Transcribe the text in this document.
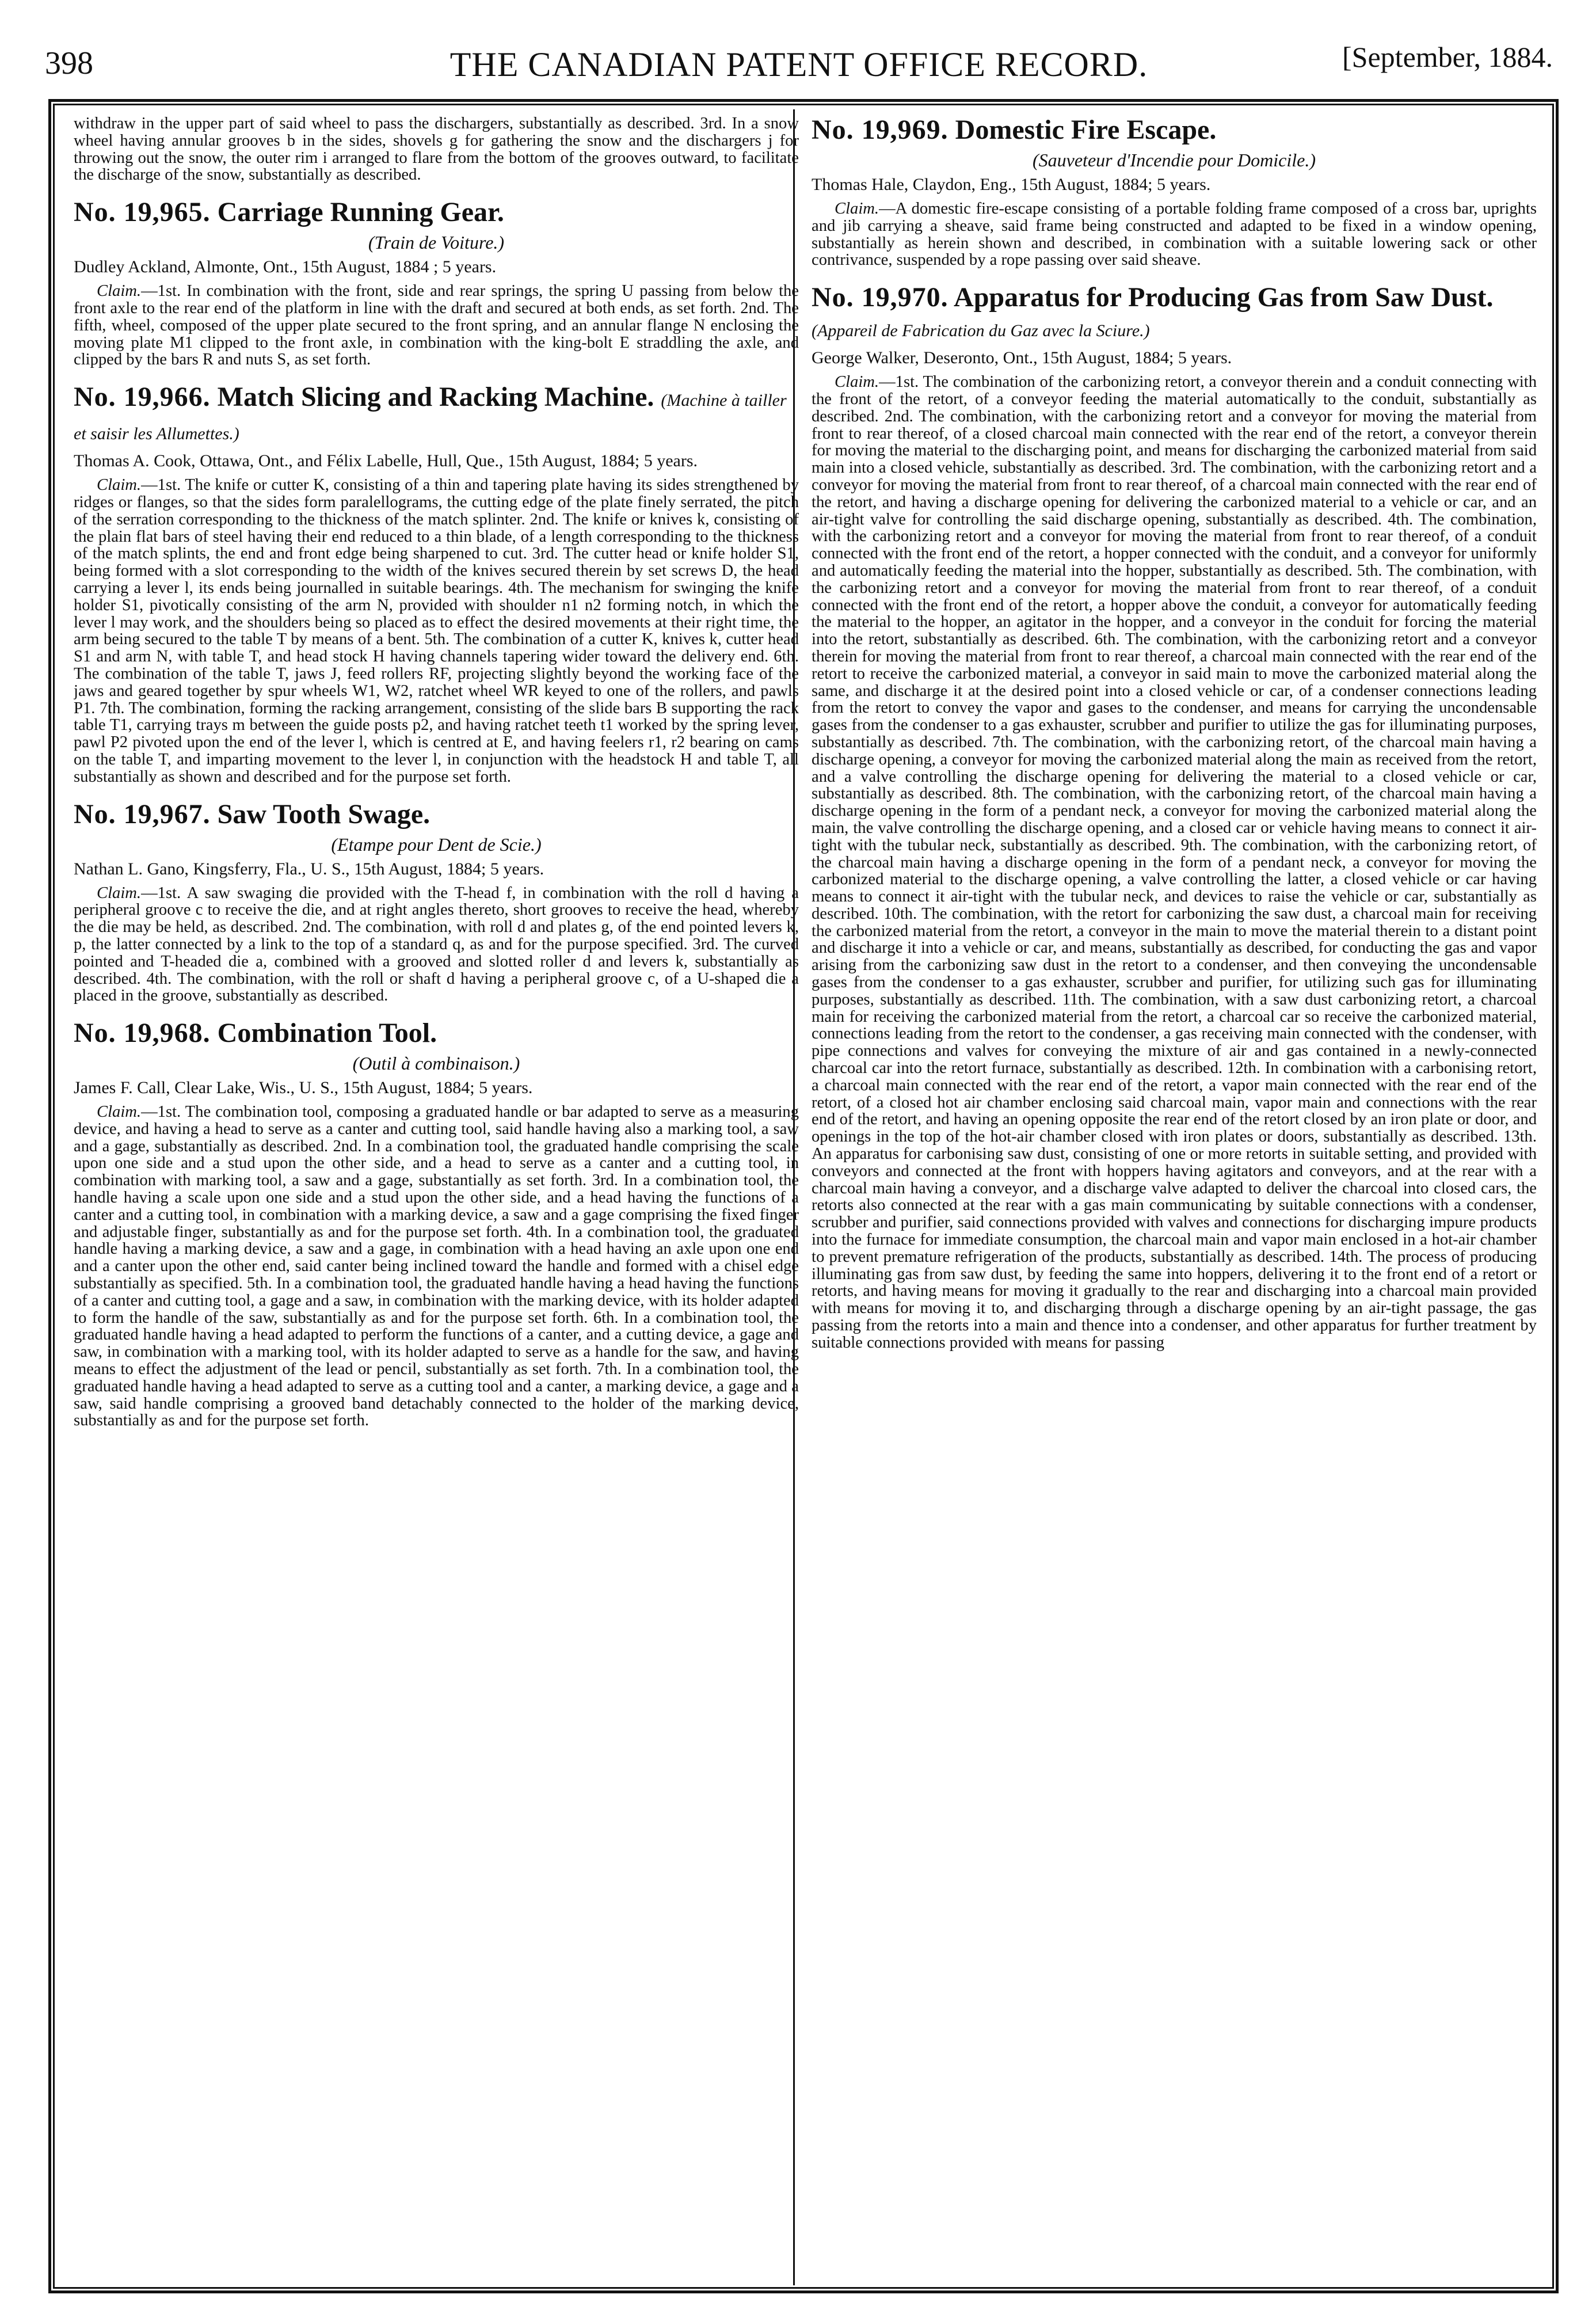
398	THE CANADIAN PATENT OFFICE RECORD.	[September, 1884.

withdraw in the upper part of said wheel to pass the dischargers, substantially as described. 3rd. In a snow wheel having annular grooves b in the sides, shovels g for gathering the snow and the dischargers j for throwing out the snow, the outer rim i arranged to flare from the bottom of the grooves outward, to facilitate the discharge of the snow, substantially as described.

No. 19,965. Carriage Running Gear.
(Train de Voiture.)

Dudley Ackland, Almonte, Ont., 15th August, 1884 ; 5 years.

Claim.—1st. In combination with the front, side and rear springs, the spring U passing from below the front axle to the rear end of the platform in line with the draft and secured at both ends, as set forth. 2nd. The fifth, wheel, composed of the upper plate secured to the front spring, and an annular flange N enclosing the moving plate M1 clipped to the front axle, in combination with the king-bolt E straddling the axle, and clipped by the bars R and nuts S, as set forth.

No. 19,966. Match Slicing and Racking Machine. (Machine à tailler et saisir les Allumettes.)

Thomas A. Cook, Ottawa, Ont., and Félix Labelle, Hull, Que., 15th August, 1884; 5 years.

Claim.—1st. The knife or cutter K, consisting of a thin and tapering plate having its sides strengthened by ridges or flanges, so that the sides form paralellograms, the cutting edge of the plate finely serrated, the pitch of the serration corresponding to the thickness of the match splinter. 2nd. The knife or knives k, consisting of the plain flat bars of steel having their end reduced to a thin blade, of a length corresponding to the thickness of the match splints, the end and front edge being sharpened to cut. 3rd. The cutter head or knife holder S1, being formed with a slot corresponding to the width of the knives secured therein by set screws D, the head carrying a lever l, its ends being journalled in suitable bearings. 4th. The mechanism for swinging the knife holder S1, pivotically consisting of the arm N, provided with shoulder n1 n2 forming notch, in which the lever l may work, and the shoulders being so placed as to effect the desired movements at their right time, the arm being secured to the table T by means of a bent. 5th. The combination of a cutter K, knives k, cutter head S1 and arm N, with table T, and head stock H having channels tapering wider toward the delivery end. 6th. The combination of the table T, jaws J, feed rollers RF, projecting slightly beyond the working face of the jaws and geared together by spur wheels W1, W2, ratchet wheel WR keyed to one of the rollers, and pawls P1. 7th. The combination, forming the racking arrangement, consisting of the slide bars B supporting the rack table T1, carrying trays m between the guide posts p2, and having ratchet teeth t1 worked by the spring lever, pawl P2 pivoted upon the end of the lever l, which is centred at E, and having feelers r1, r2 bearing on cams on the table T, and imparting movement to the lever l, in conjunction with the headstock H and table T, all substantially as shown and described and for the purpose set forth.

No. 19,967. Saw Tooth Swage.
(Etampe pour Dent de Scie.)

Nathan L. Gano, Kingsferry, Fla., U. S., 15th August, 1884; 5 years.

Claim.—1st. A saw swaging die provided with the T-head f, in combination with the roll d having a peripheral groove c to receive the die, and at right angles thereto, short grooves to receive the head, whereby the die may be held, as described. 2nd. The combination, with roll d and plates g, of the end pointed levers k, p, the latter connected by a link to the top of a standard q, as and for the purpose specified. 3rd. The curved pointed and T-headed die a, combined with a grooved and slotted roller d and levers k, substantially as described. 4th. The combination, with the roll or shaft d having a peripheral groove c, of a U-shaped die a placed in the groove, substantially as described.

No. 19,968. Combination Tool.
(Outil à combinaison.)

James F. Call, Clear Lake, Wis., U. S., 15th August, 1884; 5 years.

Claim.—1st. The combination tool, composing a graduated handle or bar adapted to serve as a measuring device, and having a head to serve as a canter and cutting tool, said handle having also a marking tool, a saw and a gage, substantially as described. 2nd. In a combination tool, the graduated handle comprising the scale upon one side and a stud upon the other side, and a head to serve as a canter and a cutting tool, in combination with marking tool, a saw and a gage, substantially as set forth. 3rd. In a combination tool, the handle having a scale upon one side and a stud upon the other side, and a head having the functions of a canter and a cutting tool, in combination with a marking device, a saw and a gage comprising the fixed finger and adjustable finger, substantially as and for the purpose set forth. 4th. In a combination tool, the graduated handle having a marking device, a saw and a gage, in combination with a head having an axle upon one end and a canter upon the other end, said canter being inclined toward the handle and formed with a chisel edge substantially as specified. 5th. In a combination tool, the graduated handle having a head having the functions of a canter and cutting tool, a gage and a saw, in combination with the marking device, with its holder adapted to form the handle of the saw, substantially as and for the purpose set forth. 6th. In a combination tool, the graduated handle having a head adapted to perform the functions of a canter, and a cutting device, a gage and saw, in combination with a marking tool, with its holder adapted to serve as a handle for the saw, and having means to effect the adjustment of the lead or pencil, substantially as set forth. 7th. In a combination tool, the graduated handle having a head adapted to serve as a cutting tool and a canter, a marking device, a gage and a saw, said handle comprising a grooved band detachably connected to the holder of the marking device, substantially as and for the purpose set forth.

No. 19,969. Domestic Fire Escape.
(Sauveteur d'Incendie pour Domicile.)

Thomas Hale, Claydon, Eng., 15th August, 1884; 5 years.

Claim.—A domestic fire-escape consisting of a portable folding frame composed of a cross bar, uprights and jib carrying a sheave, said frame being constructed and adapted to be fixed in a window opening, substantially as herein shown and described, in combination with a suitable lowering sack or other contrivance, suspended by a rope passing over said sheave.

No. 19,970. Apparatus for Producing Gas from Saw Dust. (Appareil de Fabrication du Gaz avec la Sciure.)

George Walker, Deseronto, Ont., 15th August, 1884; 5 years.

Claim.—1st. The combination of the carbonizing retort, a conveyor therein and a conduit connecting with the front of the retort, of a conveyor feeding the material automatically to the conduit, substantially as described. 2nd. The combination, with the carbonizing retort and a conveyor for moving the material from front to rear thereof, of a closed charcoal main connected with the rear end of the retort, a conveyor therein for moving the material to the discharging point, and means for discharging the carbonized material from said main into a closed vehicle, substantially as described. 3rd. The combination, with the carbonizing retort and a conveyor for moving the material from front to rear thereof, of a charcoal main connected with the rear end of the retort, and having a discharge opening for delivering the carbonized material to a vehicle or car, and an air-tight valve for controlling the said discharge opening, substantially as described. 4th. The combination, with the carbonizing retort and a conveyor for moving the material from front to rear thereof, of a conduit connected with the front end of the retort, a hopper connected with the conduit, and a conveyor for uniformly and automatically feeding the material into the hopper, substantially as described. 5th. The combination, with the carbonizing retort and a conveyor for moving the material from front to rear thereof, of a conduit connected with the front end of the retort, a hopper above the conduit, a conveyor for automatically feeding the material to the hopper, an agitator in the hopper, and a conveyor in the conduit for forcing the material into the retort, substantially as described. 6th. The combination, with the carbonizing retort and a conveyor therein for moving the material from front to rear thereof, a charcoal main connected with the rear end of the retort to receive the carbonized material, a conveyor in said main to move the carbonized material along the same, and discharge it at the desired point into a closed vehicle or car, of a condenser connections leading from the retort to convey the vapor and gases to the condenser, and means for carrying the uncondensable gases from the condenser to a gas exhauster, scrubber and purifier to utilize the gas for illuminating purposes, substantially as described. 7th. The combination, with the carbonizing retort, of the charcoal main having a discharge opening, a conveyor for moving the carbonized material along the main as received from the retort, and a valve controlling the discharge opening for delivering the material to a closed vehicle or car, substantially as described. 8th. The combination, with the carbonizing retort, of the charcoal main having a discharge opening in the form of a pendant neck, a conveyor for moving the carbonized material along the main, the valve controlling the discharge opening, and a closed car or vehicle having means to connect it air-tight with the tubular neck, substantially as described. 9th. The combination, with the carbonizing retort, of the charcoal main having a discharge opening in the form of a pendant neck, a conveyor for moving the carbonized material to the discharge opening, a valve controlling the latter, a closed vehicle or car having means to connect it air-tight with the tubular neck, and devices to raise the vehicle or car, substantially as described. 10th. The combination, with the retort for carbonizing the saw dust, a charcoal main for receiving the carbonized material from the retort, a conveyor in the main to move the material therein to a distant point and discharge it into a vehicle or car, and means, substantially as described, for conducting the gas and vapor arising from the carbonizing saw dust in the retort to a condenser, and then conveying the uncondensable gases from the condenser to a gas exhauster, scrubber and purifier, for utilizing such gas for illuminating purposes, substantially as described. 11th. The combination, with a saw dust carbonizing retort, a charcoal main for receiving the carbonized material from the retort, a charcoal car so receive the carbonized material, connections leading from the retort to the condenser, a gas receiving main connected with the condenser, with pipe connections and valves for conveying the mixture of air and gas contained in a newly-connected charcoal car into the retort furnace, substantially as described. 12th. In combination with a carbonising retort, a charcoal main connected with the rear end of the retort, a vapor main connected with the rear end of the retort, of a closed hot air chamber enclosing said charcoal main, vapor main and connections with the rear end of the retort, and having an opening opposite the rear end of the retort closed by an iron plate or door, and openings in the top of the hot-air chamber closed with iron plates or doors, substantially as described. 13th. An apparatus for carbonising saw dust, consisting of one or more retorts in suitable setting, and provided with conveyors and connected at the front with hoppers having agitators and conveyors, and at the rear with a charcoal main having a conveyor, and a discharge valve adapted to deliver the charcoal into closed cars, the retorts also connected at the rear with a gas main communicating by suitable connections with a condenser, scrubber and purifier, said connections provided with valves and connections for discharging impure products into the furnace for immediate consumption, the charcoal main and vapor main enclosed in a hot-air chamber to prevent premature refrigeration of the products, substantially as described. 14th. The process of producing illuminating gas from saw dust, by feeding the same into hoppers, delivering it to the front end of a retort or retorts, and having means for moving it gradually to the rear and discharging into a charcoal main provided with means for moving it to, and discharging through a discharge opening by an air-tight passage, the gas passing from the retorts into a main and thence into a condenser, and other apparatus for further treatment by suitable connections provided with means for passing
